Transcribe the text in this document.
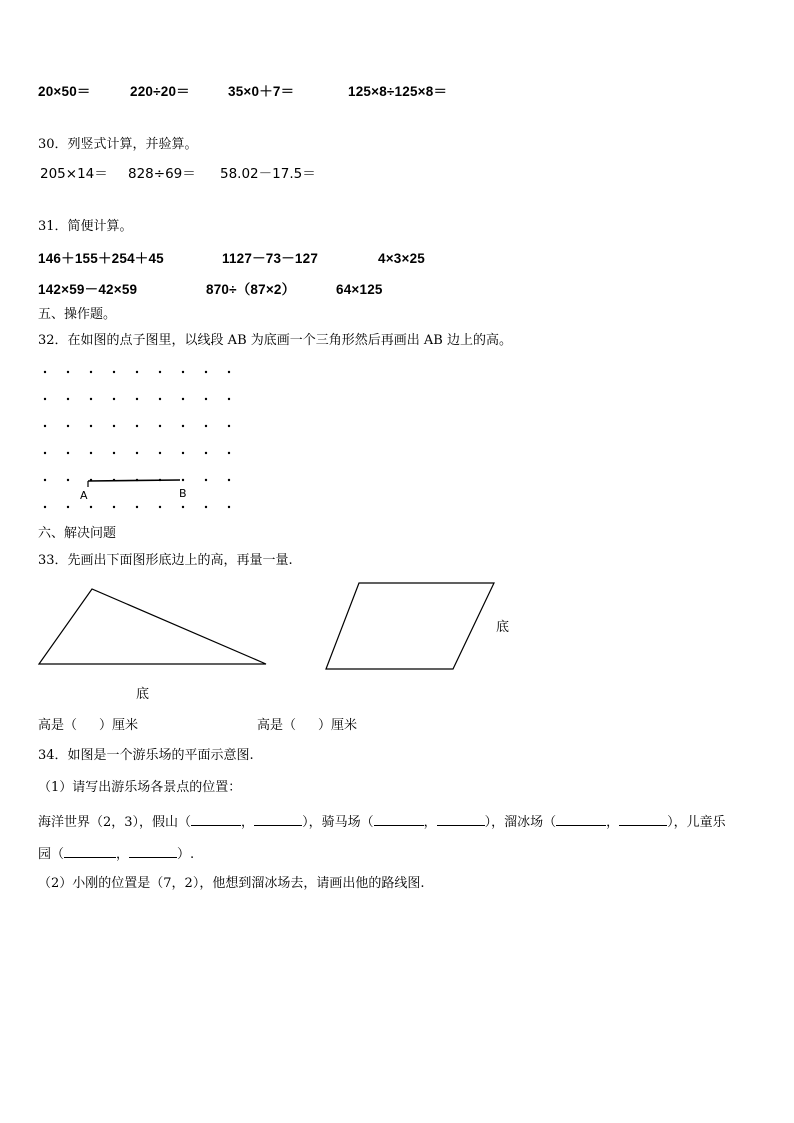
20×50＝	220÷20＝	35×0＋7＝	125×8÷125×8＝
30．列竖式计算，并验算。
205×14＝ 828÷69＝ 58.02－17.5＝
31．简便计算。
146＋155＋254＋45	1127－73－127	4×3×25
142×59－42×59	870÷（87×2）	64×125
五、操作题。
32．在如图的点子图里，以线段 AB 为底画一个三角形然后再画出 AB 边上的高。
A	B
六、解决问题
33．先画出下面图形底边上的高，再量一量.
底
底
高是（ ）厘米	高是（ ）厘米
34．如图是一个游乐场的平面示意图.
（1）请写出游乐场各景点的位置：
海洋世界（2，3），假山（	，	），骑马场（	，	），溜冰场（	，	），儿童乐
园（	，	）.
（2）小刚的位置是（7，2），他想到溜冰场去，请画出他的路线图.
